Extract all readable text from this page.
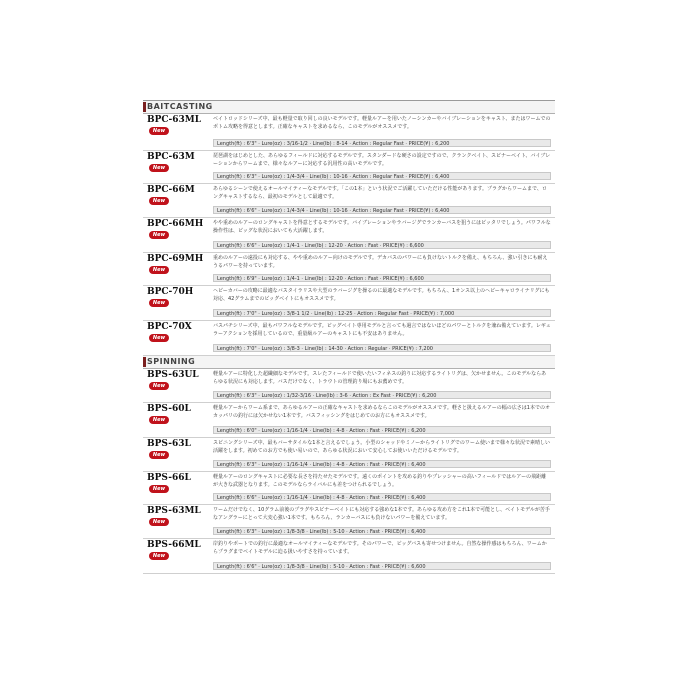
BAITCASTING
SPINNING
BPC-63ML
New
ベイトロッドシリーズ中、最も軽量で取り回しの良いモデルです。軽量ルアーを用いたノーシンカーやバイブレーションをキャスト、またはワームでのボトム攻略を得意とします。正確なキャストを求めるなら、このモデルがオススメです。
Length(ft) : 6'3" · Lure(oz) : 3/16-1/2 · Line(lb) : 8-14 · Action : Regular Fast · PRICE(¥) : 6,200
BPC-63M
New
琵琶湖をはじめとした、あらゆるフィールドに対応するモデルです。スタンダードな硬さの設定ですので、クランクベイト、スピナーベイト、バイブレーションからワームまで、様々なルアーに対応する汎用性の高いモデルです。
Length(ft) : 6'3" · Lure(oz) : 1/4-3/4 · Line(lb) : 10-16 · Action : Regular Fast · PRICE(¥) : 6,400
BPC-66M
New
あらゆるシーンで使えるオールマイティーなモデルです。「この1本」という状況でご活躍していただける性能があります。プラグからワームまで、ロングキャストするなら、最初のモデルとして最適です。
Length(ft) : 6'6" · Lure(oz) : 1/4-3/4 · Line(lb) : 10-16 · Action : Regular Fast · PRICE(¥) : 6,400
BPC-66MH
New
やや重めのルアーのロングキャストを得意とするモデルです。バイブレーションやラバージグでランカーバスを狙うにはピッタリでしょう。パワフルな操作性は、ビッグな状況においても大活躍します。
Length(ft) : 6'6" · Lure(oz) : 1/4-1 · Line(lb) : 12-20 · Action : Fast · PRICE(¥) : 6,600
BPC-69MH
New
重めのルアーの遠投にも対応する、やや重めのルアー向けのモデルです。デカバスのパワーにも負けないトルクを備え、もちろん、強い引きにも耐えうるパワーを持っています。
Length(ft) : 6'9" · Lure(oz) : 1/4-1 · Line(lb) : 12-20 · Action : Fast · PRICE(¥) : 6,600
BPC-70H
New
ヘビーカバーの攻略に最適なバスタイラリスや大型のラバージグを操るのに最適なモデルです。もちろん、1オンス以上のヘビーキャロライナリグにも対応、42グラムまでのビッグベイトにもオススメです。
Length(ft) : 7'0" · Lure(oz) : 3/8-1 1/2 · Line(lb) : 12-25 · Action : Regular Fast · PRICE(¥) : 7,000
BPC-70X
New
バスパチシリーズ中、最もパワフルなモデルです。ビッグベイト専用モデルと言っても過言ではないほどのパワーとトルクを兼ね備えています。レギュラーアクションを採用しているので、重量級ルアーのキャストにも不安はありません。
Length(ft) : 7'0" · Lure(oz) : 3/8-3 · Line(lb) : 14-30 · Action : Regular · PRICE(¥) : 7,200
BPS-63UL
New
軽量ルアーに特化した超繊細なモデルです。スレたフィールドで使いたいフィネスの釣りに対応するライトリグは、欠かせません。このモデルならあらゆる状況にも対応します。バスだけでなく、トラウトの管理釣り場にもお薦めです。
Length(ft) : 6'3" · Lure(oz) : 1/32-3/16 · Line(lb) : 3-6 · Action : Ex Fast · PRICE(¥) : 6,200
BPS-60L
New
軽量ルアーからワーム系まで、あらゆるルアーの正確なキャストを求めるならこのモデルがオススメです。軽さと扱えるルアーの幅の広さは1本でのオカッパリの釣行には欠かせない1本です。バスフィッシングをはじめてのお方にもオススメです。
Length(ft) : 6'0" · Lure(oz) : 1/16-1/4 · Line(lb) : 4-8 · Action : Fast · PRICE(¥) : 6,200
BPS-63L
New
スピニングシリーズ中、最もバーサタイルな1本と言えるでしょう。小型のシャッドやミノーからライトリグでのワーム使いまで様々な状況で素晴しい活躍をします。初めてのお方でも使い易いので、あらゆる状況において安心してお使いいただけるモデルです。
Length(ft) : 6'3" · Lure(oz) : 1/16-1/4 · Line(lb) : 4-8 · Action : Fast · PRICE(¥) : 6,400
BPS-66L
New
軽量ルアーのロングキャストに必要な長さを持たせたモデルです。遠くのポイントを攻める釣りやプレッシャーの高いフィールドではルアーの飛距離が大きな武器となります。このモデルならライバルにも差をつけられるでしょう。
Length(ft) : 6'6" · Lure(oz) : 1/16-1/4 · Line(lb) : 4-8 · Action : Fast · PRICE(¥) : 6,400
BPS-63ML
New
ワームだけでなく、10グラム前後のプラグやスピナーベイトにも対応する強めな1本です。あらゆる攻め方をこれ1本で可能とし、ベイトモデルが苦手なアングラーにとって大変心強い1本です。もちろん、ランカーバスにも負けないパワーを備えています。
Length(ft) : 6'3" · Lure(oz) : 1/8-3/8 · Line(lb) : 5-10 · Action : Fast · PRICE(¥) : 6,400
BPS-66ML
New
岸釣りやボートでの釣行に最適なオールマイティーなモデルです。そのパワーで、ビッグバスも寄せつけません。自然な操作感はもちろん、ワームからプラグまでベイトモデルに迫る扱いやすさを持っています。
Length(ft) : 6'6" · Lure(oz) : 1/8-3/8 · Line(lb) : 5-10 · Action : Fast · PRICE(¥) : 6,600
